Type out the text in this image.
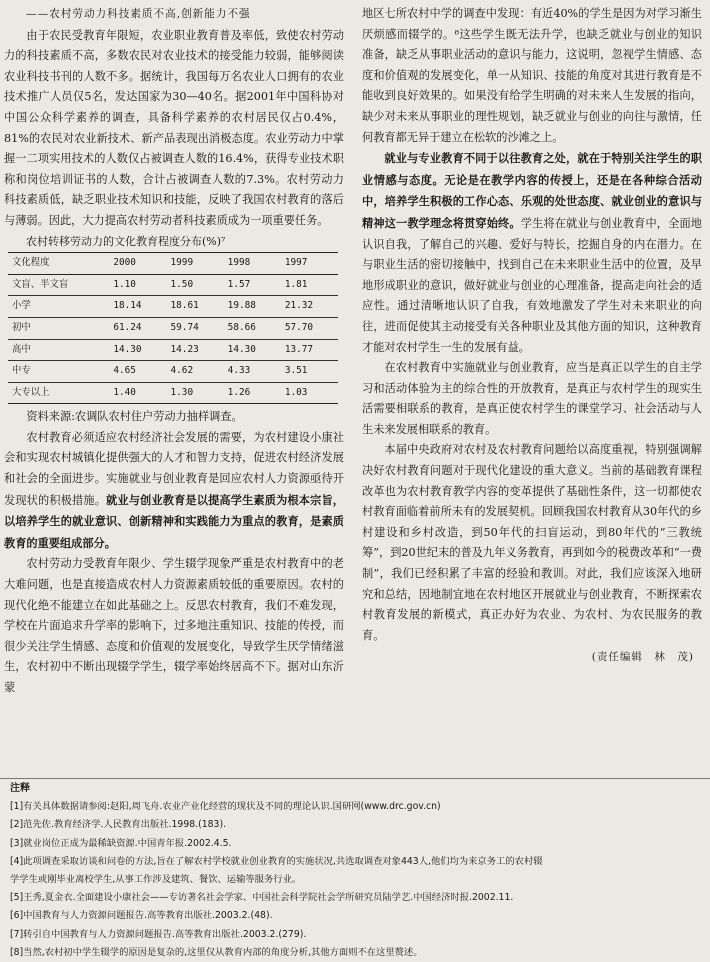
——农村劳动力科技素质不高,创新能力不强

由于农民受教育年限短，农业职业教育普及率低，致使农村劳动力的科技素质不高，多数农民对农业技术的接受能力较弱，能够阅读农业科技书刊的人数不多。据统计，我国每万名农业人口拥有的农业技术推广人员仅5名，发达国家为30—40名。据2001年中国科协对中国公众科学素养的调查，具备科学素养的农村居民仅占0.4%，81%的农民对农业新技术、新产品表现出消极态度。农业劳动力中掌握一二项实用技术的人数仅占被调查人数的16.4%，获得专业技术职称和岗位培训证书的人数，合计占被调查人数的7.3%。农村劳动力科技素质低，缺乏职业技术知识和技能，反映了我国农村教育的落后与薄弱。因此，大力提高农村劳动者科技素质成为一项重要任务。

农村转移劳动力的文化教育程度分布(%)⁷

文化程度	2000	1999	1998	1997
文盲、半文盲	1.10	1.50	1.57	1.81
小学	18.14	18.61	19.88	21.32
初中	61.24	59.74	58.66	57.70
高中	14.30	14.23	14.30	13.77
中专	4.65	4.62	4.33	3.51
大专以上	1.40	1.30	1.26	1.03

资料来源:农调队农村住户劳动力抽样调查。

农村教育必须适应农村经济社会发展的需要，为农村建设小康社会和实现农村城镇化提供强大的人才和智力支持，促进农村经济发展和社会的全面进步。实施就业与创业教育是回应农村人力资源亟待开发现状的积极措施。就业与创业教育是以提高学生素质为根本宗旨，以培养学生的就业意识、创新精神和实践能力为重点的教育，是素质教育的重要组成部分。

农村劳动力受教育年限少、学生辍学现象严重是农村教育中的老大难问题，也是直接造成农村人力资源素质较低的重要原因。农村的现代化绝不能建立在如此基础之上。反思农村教育，我们不难发现，学校在片面追求升学率的影响下，过多地注重知识、技能的传授，而很少关注学生情感、态度和价值观的发展变化，导致学生厌学情绪滋生，农村初中不断出现辍学学生，辍学率始终居高不下。据对山东沂蒙

地区七所农村中学的调查中发现：有近40%的学生是因为对学习渐生厌烦感而辍学的。⁸这些学生既无法升学，也缺乏就业与创业的知识准备，缺乏从事职业活动的意识与能力，这说明，忽视学生情感、态度和价值观的发展变化，单一从知识、技能的角度对其进行教育是不能收到良好效果的。如果没有给学生明确的对未来人生发展的指向，缺少对未来从事职业的理性规划，缺乏就业与创业的向往与激情，任何教育都无异于建立在松软的沙滩之上。

就业与专业教育不同于以往教育之处，就在于特别关注学生的职业情感与态度。无论是在教学内容的传授上，还是在各种综合活动中，培养学生积极的工作心态、乐观的处世态度、就业创业的意识与精神这一教学理念将贯穿始终。学生将在就业与创业教育中，全面地认识自我，了解自己的兴趣、爱好与特长，挖掘自身的内在潜力。在与职业生活的密切接触中，找到自己在未来职业生活中的位置，及早地形成职业的意识，做好就业与创业的心理准备，提高走向社会的适应性。通过清晰地认识了自我，有效地激发了学生对未来职业的向往，进而促使其主动接受有关各种职业及其他方面的知识，这种教育才能对农村学生一生的发展有益。

在农村教育中实施就业与创业教育，应当是真正以学生的自主学习和活动体验为主的综合性的开放教育，是真正与农村学生的现实生活需要相联系的教育，是真正使农村学生的课堂学习、社会活动与人生未来发展相联系的教育。

本届中央政府对农村及农村教育问题给以高度重视，特别强调解决好农村教育问题对于现代化建设的重大意义。当前的基础教育课程改革也为农村教育教学内容的变革提供了基础性条件，这一切都使农村教育面临着前所未有的发展契机。回顾我国农村教育从30年代的乡村建设和乡村改造，到50年代的扫盲运动，到80年代的“三教统筹”，到20世纪末的普及九年义务教育，再到如今的税费改革和“一费制”，我们已经积累了丰富的经验和教训。对此，我们应该深入地研究和总结，因地制宜地在农村地区开展就业与创业教育，不断探索农村教育发展的新模式，真正办好为农业、为农村、为农民服务的教育。

(责任编辑　林　茂)
注释
[1]有关具体数据请参阅:赵阳,周飞舟.农业产业化经营的现状及不同的理论认识.国研网(www.drc.gov.cn)
[2]范先佐.教育经济学.人民教育出版社.1998.(183).
[3]就业岗位正成为最稀缺资源.中国青年报.2002.4.5.
[4]此项调查采取访谈和问卷的方法,旨在了解农村学校就业创业教育的实施状况,共选取调查对象443人,他们均为来京务工的农村辍
学学生或刚毕业离校学生,从事工作涉及建筑、餐饮、运输等服务行业。
[5]王秀,夏金衣.全面建设小康社会——专访著名社会学家、中国社会科学院社会学所研究员陆学艺.中国经济时报.2002.11.
[6]中国教育与人力资源问题报告.高等教育出版社.2003.2.(48).
[7]转引自中国教育与人力资源问题报告.高等教育出版社.2003.2.(279).
[8]当然,农村初中学生辍学的原因是复杂的,这里仅从教育内部的角度分析,其他方面则不在这里赘述。
